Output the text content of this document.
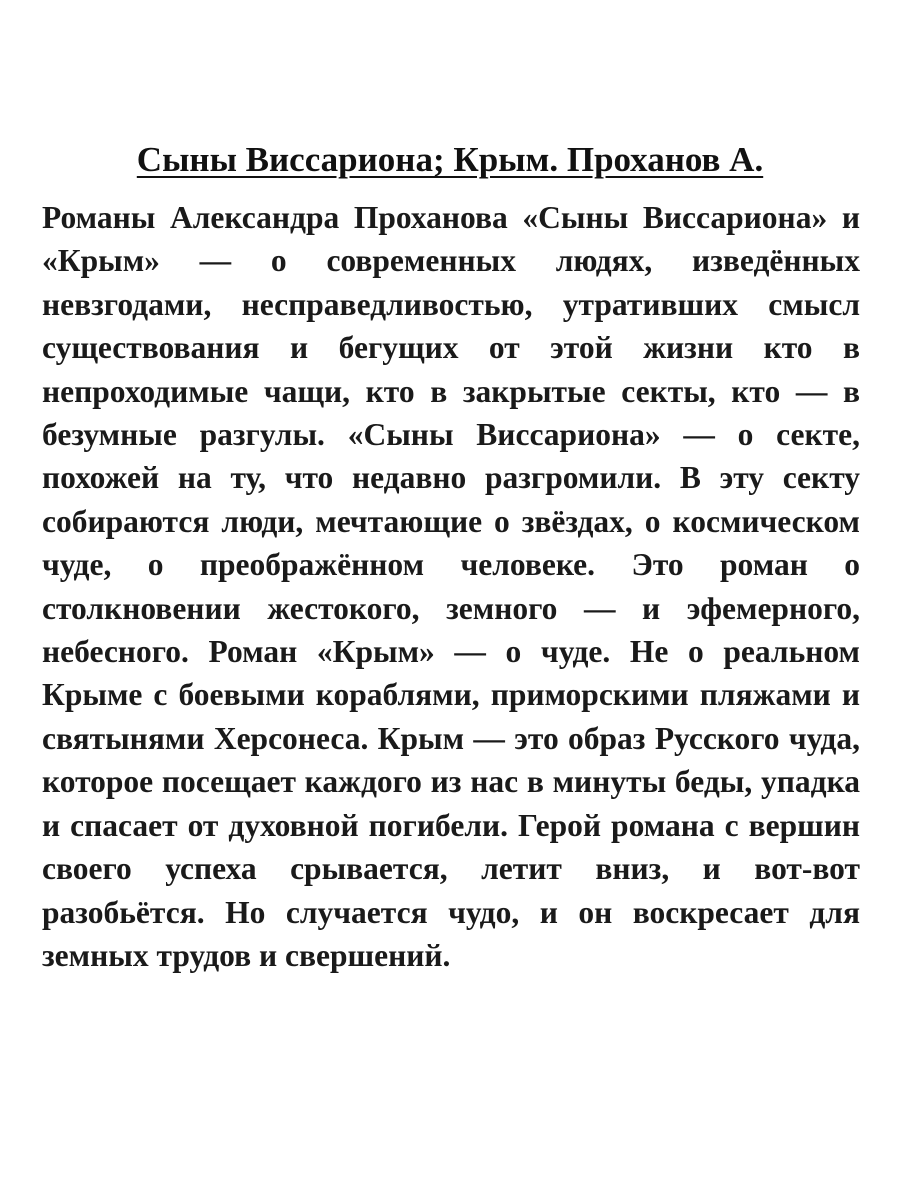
Сыны Виссариона; Крым. Проханов А.

Романы Александра Проханова «Сыны Виссариона» и «Крым» — о современных людях, изведённых невзгодами, несправедливостью, утративших смысл существования и бегущих от этой жизни кто в непроходимые чащи, кто в закрытые секты, кто — в безумные разгулы. «Сыны Виссариона» — о секте, похожей на ту, что недавно разгромили. В эту секту собираются люди, мечтающие о звёздах, о космическом чуде, о преображённом человеке. Это роман о столкновении жестокого, земного — и эфемерного, небесного. Роман «Крым» — о чуде. Не о реальном Крыме с боевыми кораблями, приморскими пляжами и святынями Херсонеса. Крым — это образ Русского чуда, которое посещает каждого из нас в минуты беды, упадка и спасает от духовной погибели. Герой романа с вершин своего успеха срывается, летит вниз, и вот-вот разобьётся. Но случается чудо, и он воскресает для земных трудов и свершений.
